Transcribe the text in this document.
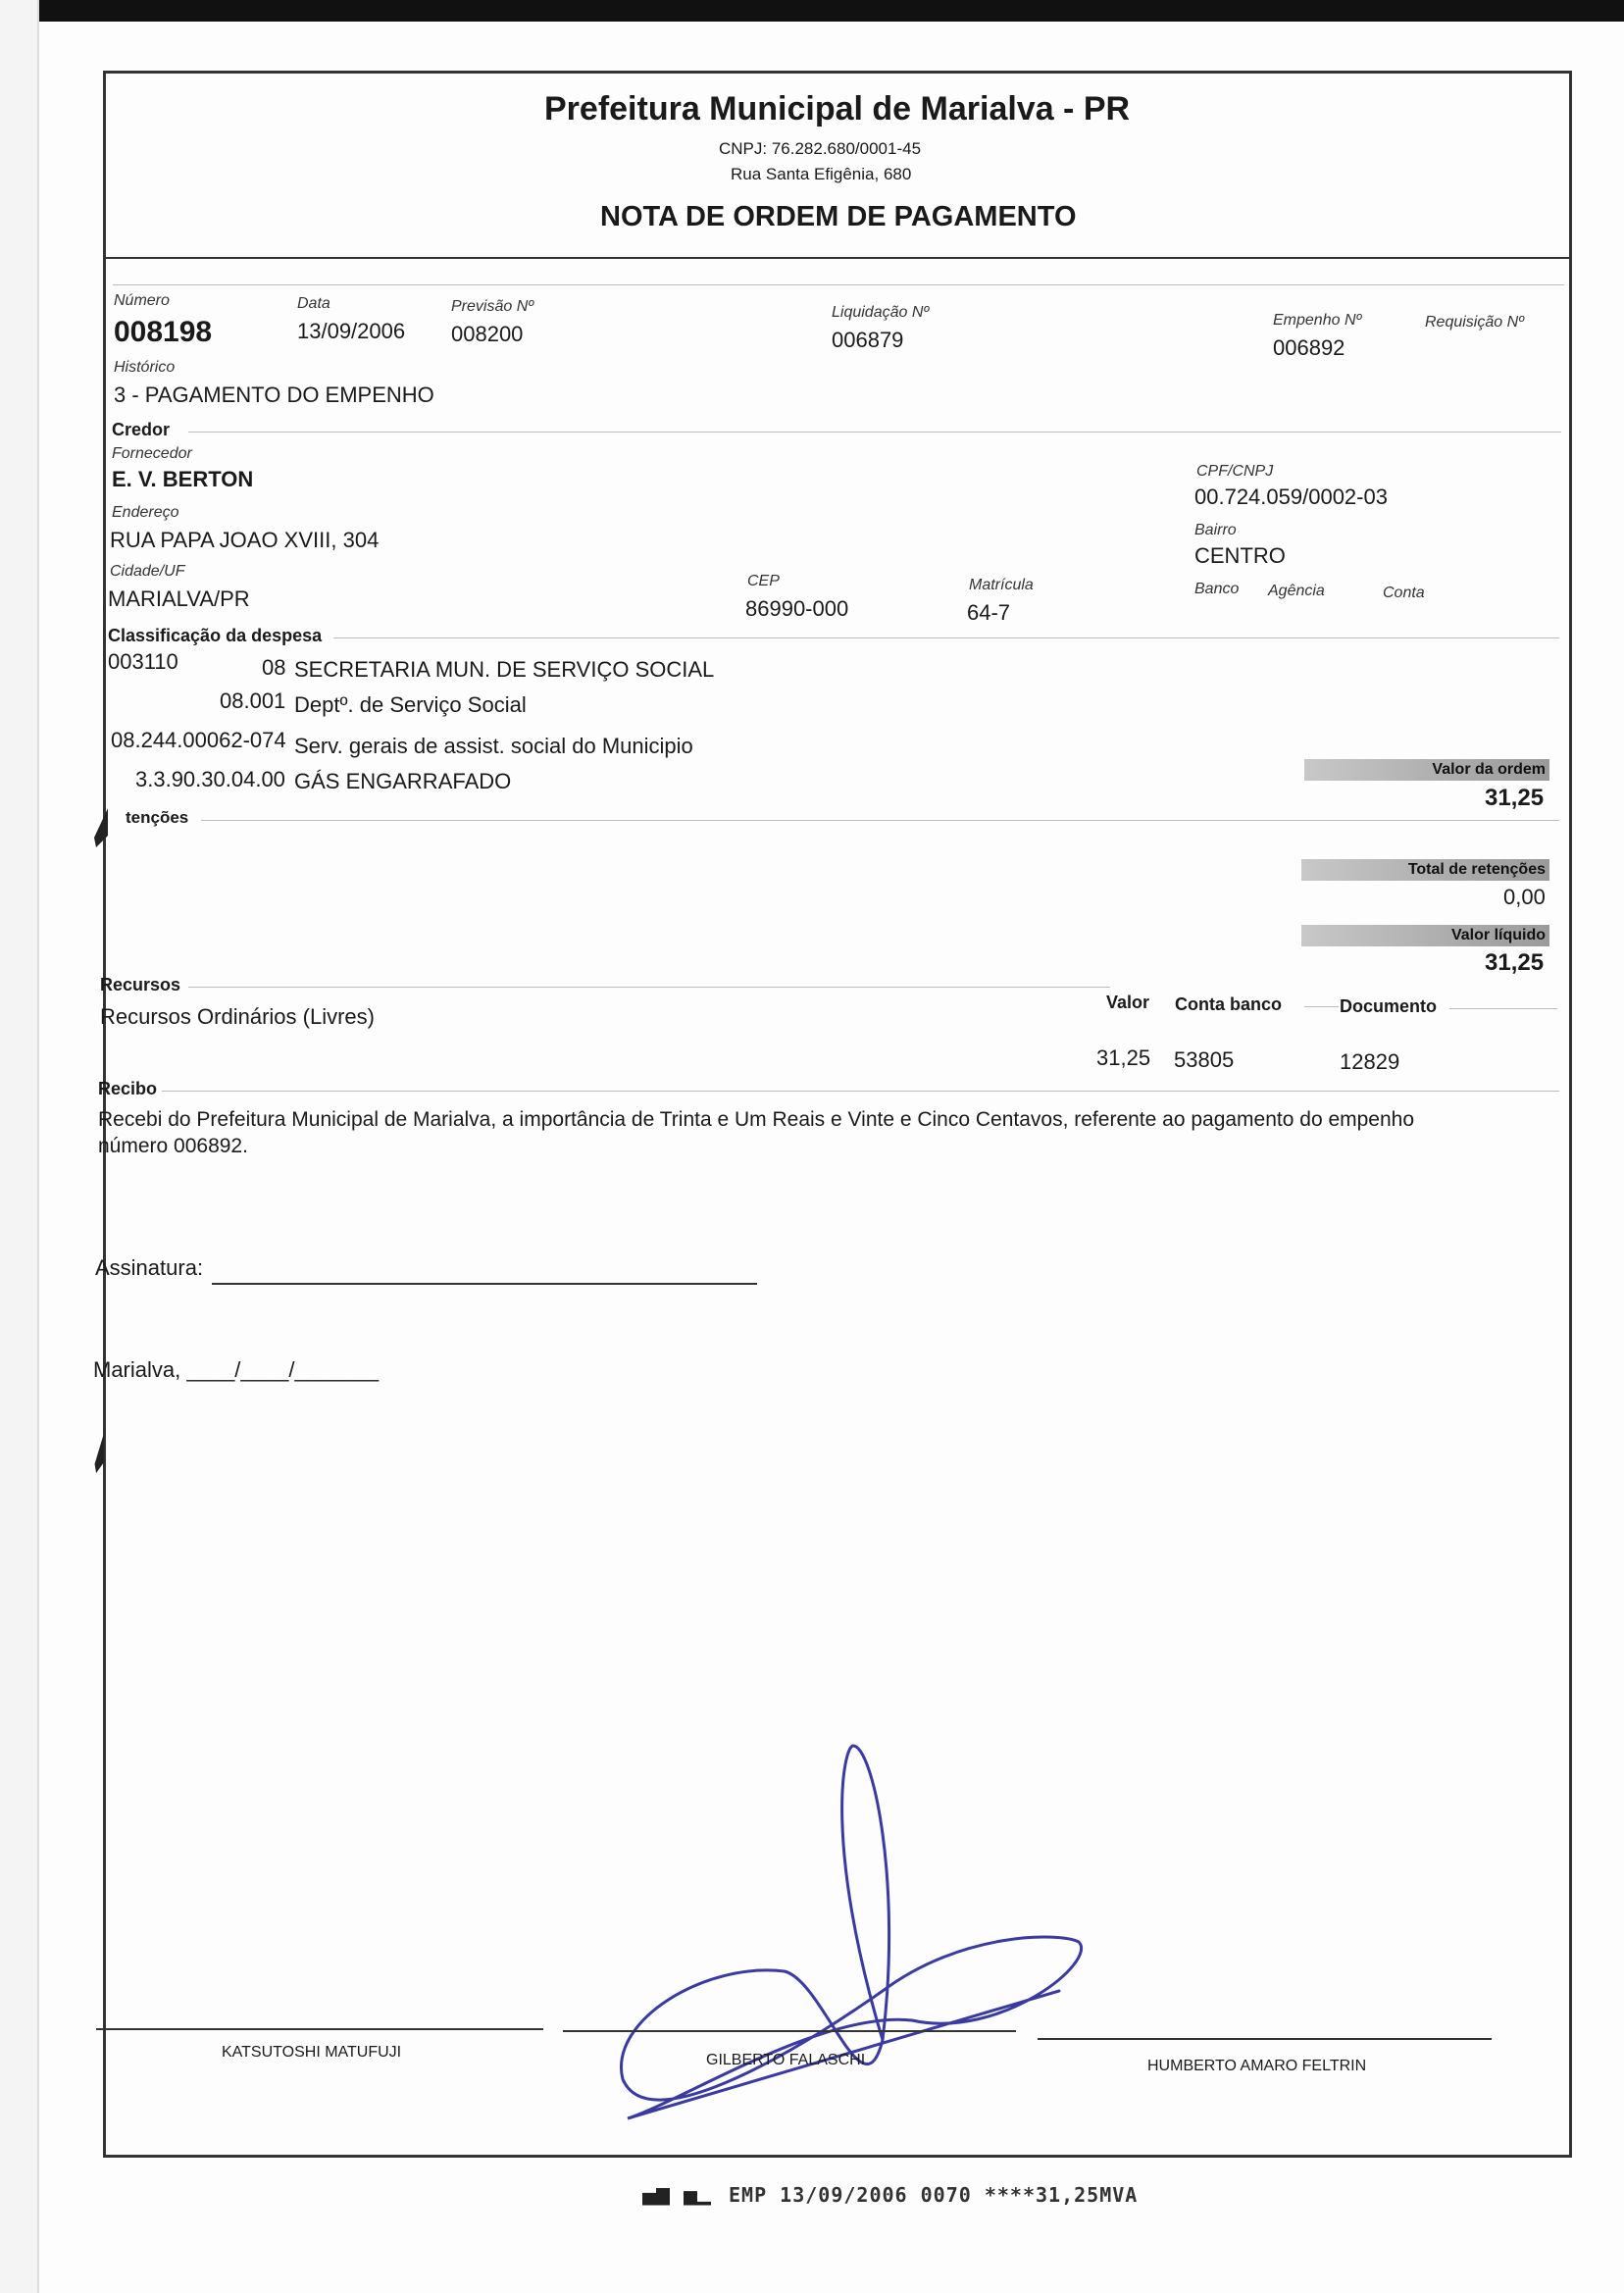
Prefeitura Municipal de Marialva - PR
CNPJ: 76.282.680/0001-45
Rua Santa Efigênia, 680
NOTA DE ORDEM DE PAGAMENTO
Número
008198
Data
13/09/2006
Previsão Nº
008200
Liquidação Nº
006879
Empenho Nº
006892
Requisição Nº
Histórico
3 - PAGAMENTO DO EMPENHO
Credor
Fornecedor
E. V. BERTON	CPF/CNPJ
00.724.059/0002-03
Endereço
RUA PAPA JOAO XVIII, 304	Bairro
CENTRO
Cidade/UF
MARIALVA/PR
CEP
86990-000
Matrícula
64-7
Banco Agência	Conta
Classificação da despesa
003110	08 SECRETARIA MUN. DE SERVIÇO SOCIAL
08.001 Deptº. de Serviço Social
08.244.00062-074 Serv. gerais de assist. social do Municipio
3.3.90.30.04.00 GÁS ENGARRAFADO	Valor da ordem
31,25
tenções
Total de retenções
0,00
Valor líquido
31,25
Recursos
Recursos Ordinários (Livres)
Valor Conta banco	Documento
31,25 53805	12829
Recibo
Recebi do Prefeitura Municipal de Marialva, a importância de Trinta e Um Reais e Vinte e Cinco Centavos, referente ao pagamento do empenho
número 006892.
Assinatura:
Marialva, ____/____/_______
KATSUTOSHI MATUFUJI	GILBERTO FALASCHI	HUMBERTO AMARO FELTRIN
EMP 13/09/2006 0070 ****31,25MVA
